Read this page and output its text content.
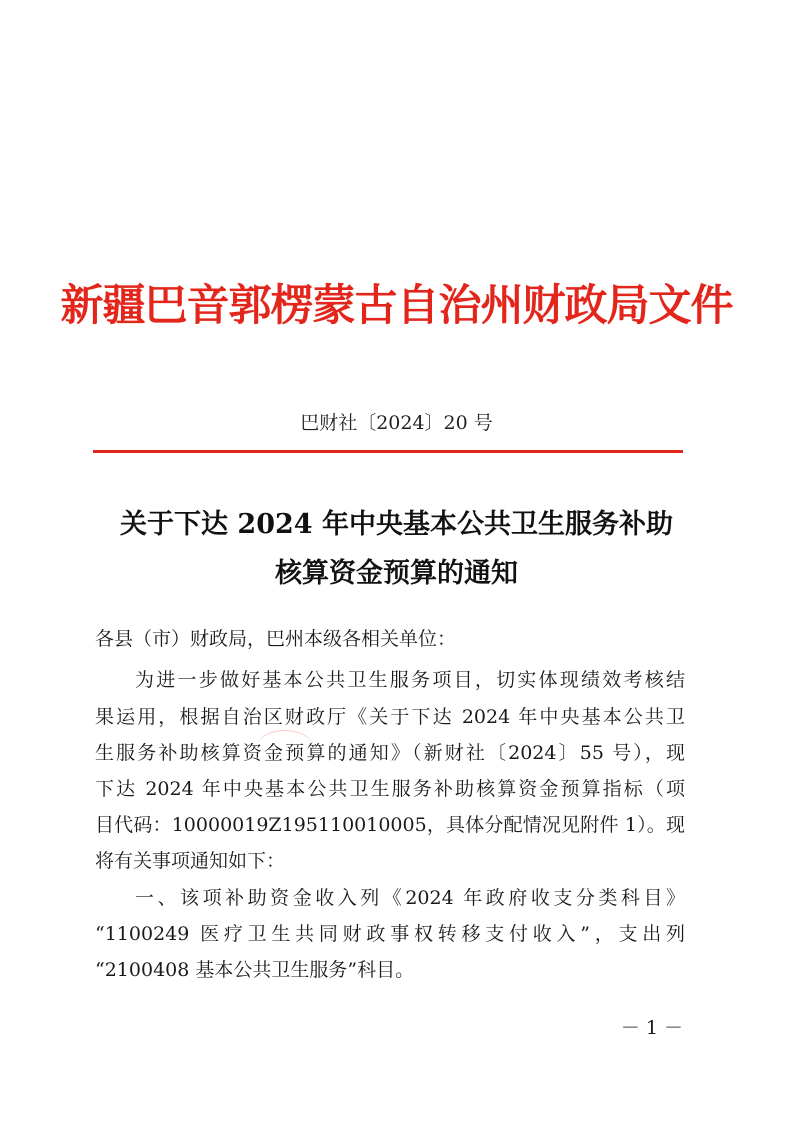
新疆巴音郭楞蒙古自治州财政局文件
巴财社〔2024〕20 号
关于下达 2024 年中央基本公共卫生服务补助
核算资金预算的通知
各县（市）财政局，巴州本级各相关单位：
为进一步做好基本公共卫生服务项目，切实体现绩效考核结
果运用，根据自治区财政厅《关于下达 2024 年中央基本公共卫
生服务补助核算资金预算的通知》（新财社〔2024〕55 号），现
下达 2024 年中央基本公共卫生服务补助核算资金预算指标（项
目代码：10000019Z195110010005，具体分配情况见附件 1）。现
将有关事项通知如下：
一、该项补助资金收入列《2024 年政府收支分类科目》
“1100249 医疗卫生共同财政事权转移支付收入”，支出列
“2100408 基本公共卫生服务”科目。
－ 1 －
